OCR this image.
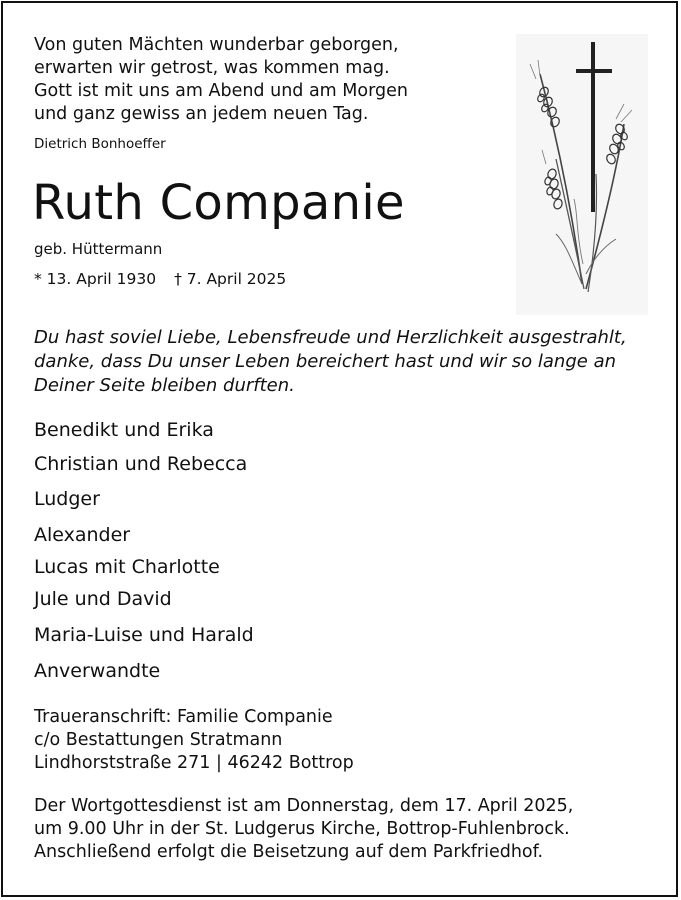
Von guten Mächten wunderbar geborgen,
erwarten wir getrost, was kommen mag.
Gott ist mit uns am Abend und am Morgen
und ganz gewiss an jedem neuen Tag.
Dietrich Bonhoeffer
Ruth Companie
geb. Hüttermann
* 13. April 1930 † 7. April 2025
Du hast soviel Liebe, Lebensfreude und Herzlichkeit ausgestrahlt,
danke, dass Du unser Leben bereichert hast und wir so lange an
Deiner Seite bleiben durften.
Benedikt und Erika
Christian und Rebecca
Ludger
Alexander
Lucas mit Charlotte
Jule und David
Maria-Luise und Harald
Anverwandte
Traueranschrift: Familie Companie
c/o Bestattungen Stratmann
Lindhorststraße 271 | 46242 Bottrop
Der Wortgottesdienst ist am Donnerstag, dem 17. April 2025,
um 9.00 Uhr in der St. Ludgerus Kirche, Bottrop-Fuhlenbrock.
Anschließend erfolgt die Beisetzung auf dem Parkfriedhof.
